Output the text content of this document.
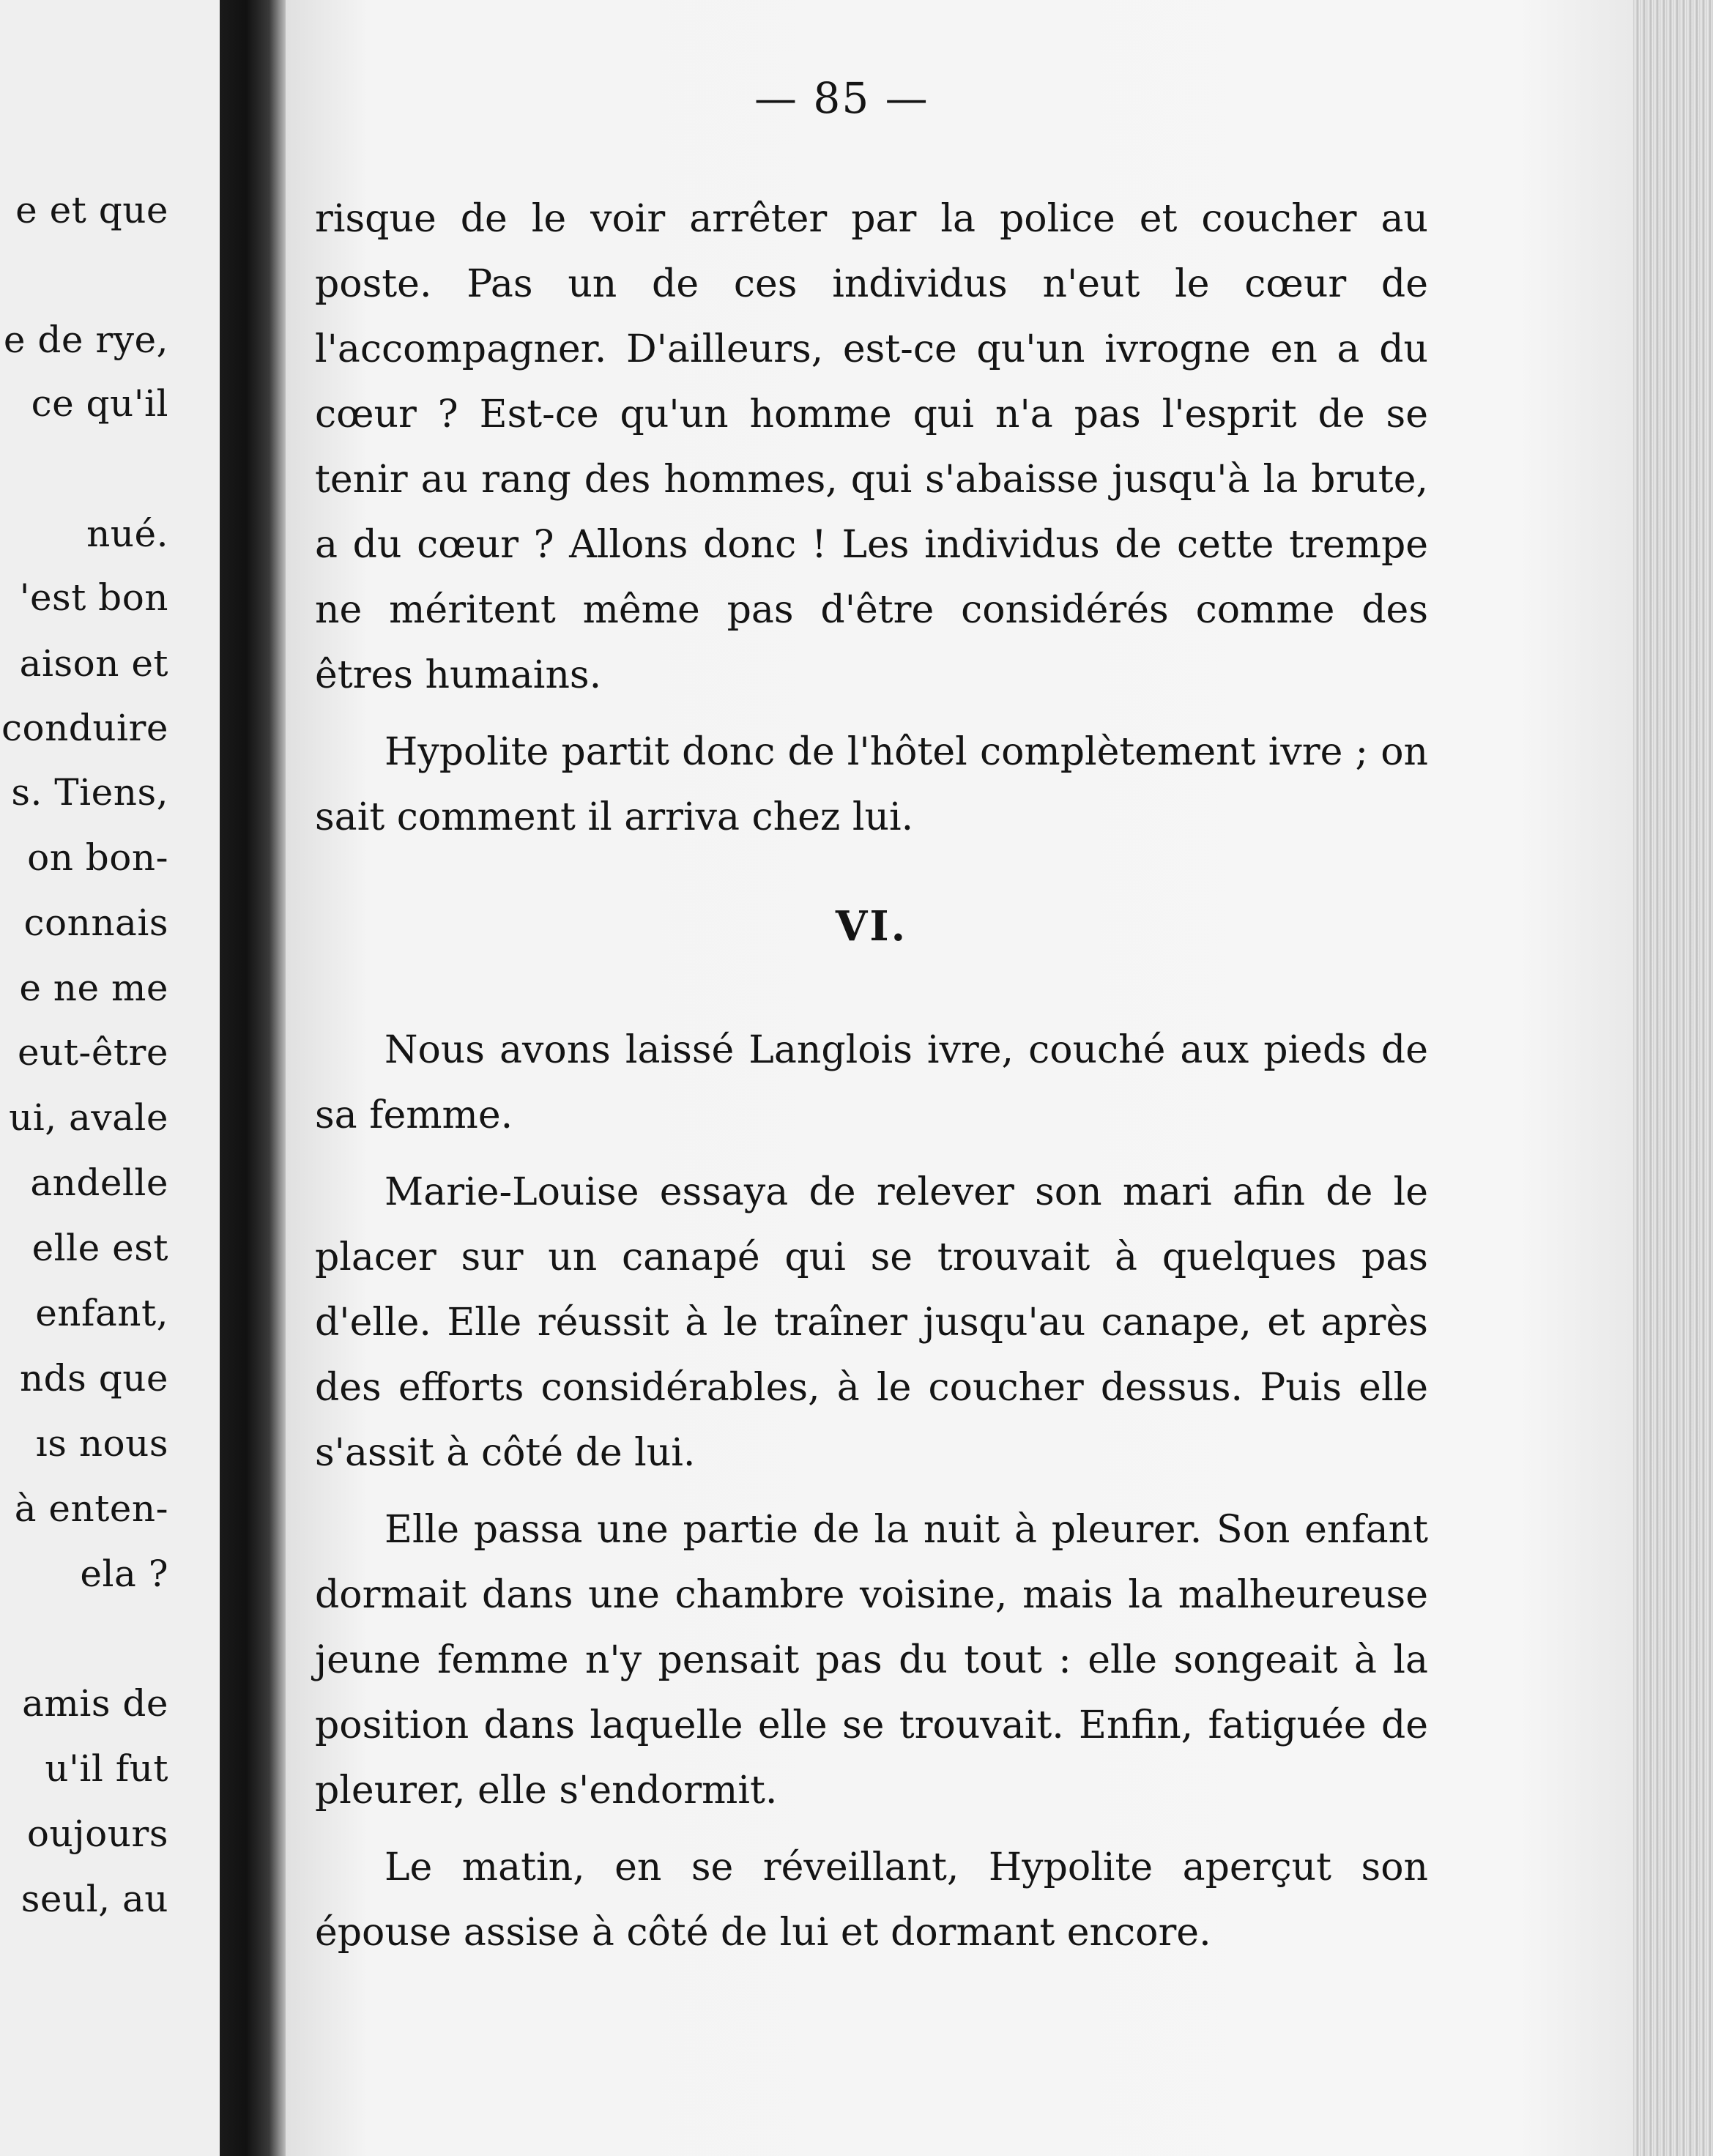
e et que
e de rye,
ce qu'il
nué.
'est bon
aison et
conduire
s. Tiens,
on bon-
connais
e ne me
eut-être
ui, avale
andelle
elle est
enfant,
nds que
ıs nous
à enten-
ela ?
amis de
u'il fut
oujours
seul, au
— 85 —

risque de le voir arrêter par la police et coucher au poste. Pas un de ces individus n'eut le cœur de l'accompagner. D'ailleurs, est-ce qu'un ivrogne en a du cœur ? Est-ce qu'un homme qui n'a pas l'esprit de se tenir au rang des hommes, qui s'abaisse jusqu'à la brute, a du cœur ? Allons donc ! Les individus de cette trempe ne méritent même pas d'être considérés comme des êtres humains.

Hypolite partit donc de l'hôtel complètement ivre ; on sait comment il arriva chez lui.

VI.

Nous avons laissé Langlois ivre, couché aux pieds de sa femme.

Marie-Louise essaya de relever son mari afin de le placer sur un canapé qui se trouvait à quelques pas d'elle. Elle réussit à le traîner jusqu'au canape, et après des efforts considérables, à le coucher dessus. Puis elle s'assit à côté de lui.

Elle passa une partie de la nuit à pleurer. Son enfant dormait dans une chambre voisine, mais la malheureuse jeune femme n'y pensait pas du tout : elle songeait à la position dans laquelle elle se trouvait. Enfin, fatiguée de pleurer, elle s'endormit.

Le matin, en se réveillant, Hypolite aperçut son épouse assise à côté de lui et dormant encore.
